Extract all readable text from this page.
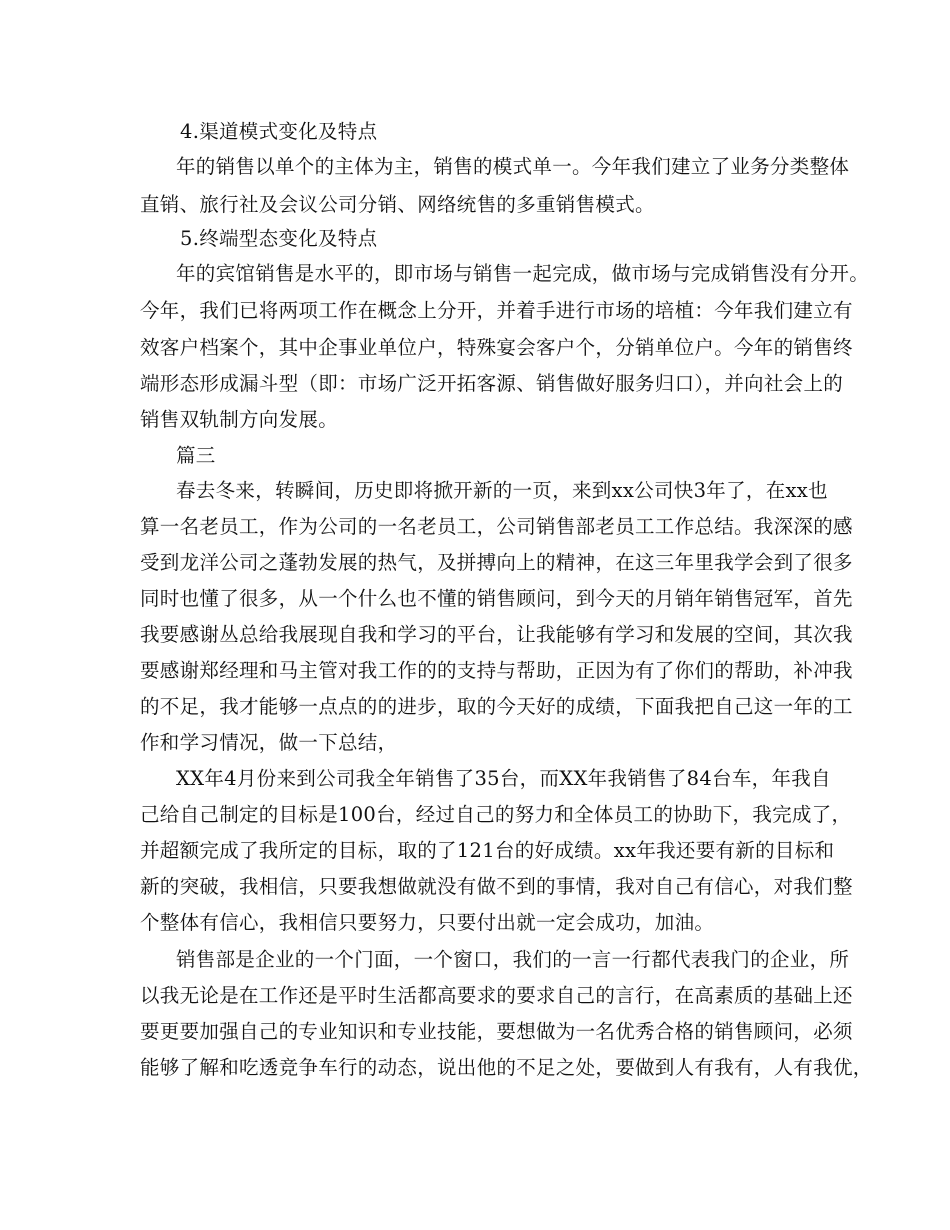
4.渠道模式变化及特点
年的销售以单个的主体为主，销售的模式单一。今年我们建立了业务分类整体
直销、旅行社及会议公司分销、网络统售的多重销售模式。
5.终端型态变化及特点
年的宾馆销售是水平的，即市场与销售一起完成，做市场与完成销售没有分开。
今年，我们已将两项工作在概念上分开，并着手进行市场的培植：今年我们建立有
效客户档案个，其中企事业单位户，特殊宴会客户个，分销单位户。今年的销售终
端形态形成漏斗型（即：市场广泛开拓客源、销售做好服务归口），并向社会上的
销售双轨制方向发展。
篇三
春去冬来，转瞬间，历史即将掀开新的一页，来到xx公司快3年了，在xx也
算一名老员工，作为公司的一名老员工，公司销售部老员工工作总结。我深深的感
受到龙洋公司之蓬勃发展的热气，及拼搏向上的精神，在这三年里我学会到了很多
同时也懂了很多，从一个什么也不懂的销售顾问，到今天的月销年销售冠军，首先
我要感谢丛总给我展现自我和学习的平台，让我能够有学习和发展的空间，其次我
要感谢郑经理和马主管对我工作的的支持与帮助，正因为有了你们的帮助，补冲我
的不足，我才能够一点点的的进步，取的今天好的成绩，下面我把自己这一年的工
作和学习情况，做一下总结，
XX年4月份来到公司我全年销售了35台，而XX年我销售了84台车，年我自
己给自己制定的目标是100台，经过自己的努力和全体员工的协助下，我完成了，
并超额完成了我所定的目标，取的了121台的好成绩。xx年我还要有新的目标和
新的突破，我相信，只要我想做就没有做不到的事情，我对自己有信心，对我们整
个整体有信心，我相信只要努力，只要付出就一定会成功，加油。
销售部是企业的一个门面，一个窗口，我们的一言一行都代表我门的企业，所
以我无论是在工作还是平时生活都高要求的要求自己的言行，在高素质的基础上还
要更要加强自己的专业知识和专业技能，要想做为一名优秀合格的销售顾问，必须
能够了解和吃透竞争车行的动态，说出他的不足之处，要做到人有我有，人有我优，
